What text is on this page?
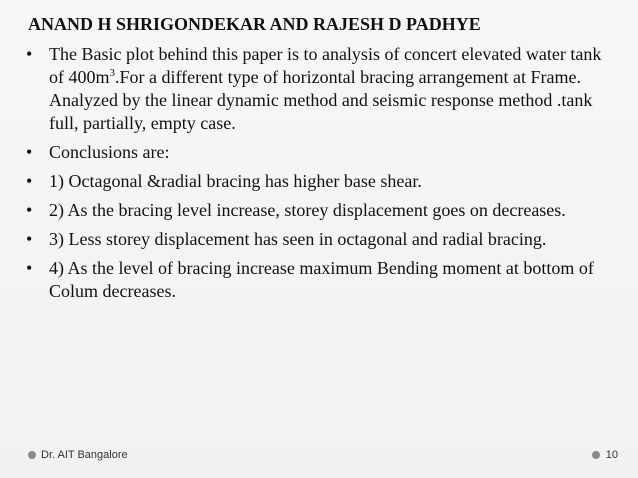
ANAND H SHRIGONDEKAR AND RAJESH D PADHYE
• The Basic plot behind this paper is to analysis of concert elevated water tank of $400m^3.For$ a different type of horizontal bracing arrangement at Frame. Analyzed by the linear dynamic method and seismic response method .tank full, partially, empty case.
• Conclusions are:
• 1) Octagonal &radial bracing has higher base shear.
• 2) As the bracing level increase, storey displacement goes on decreases.
• 3) Less storey displacement has seen in octagonal and radial bracing.
• 4) As the level of bracing increase maximum Bending moment at bottom of Colum decreases.
Dr. AIT Bangalore	10
